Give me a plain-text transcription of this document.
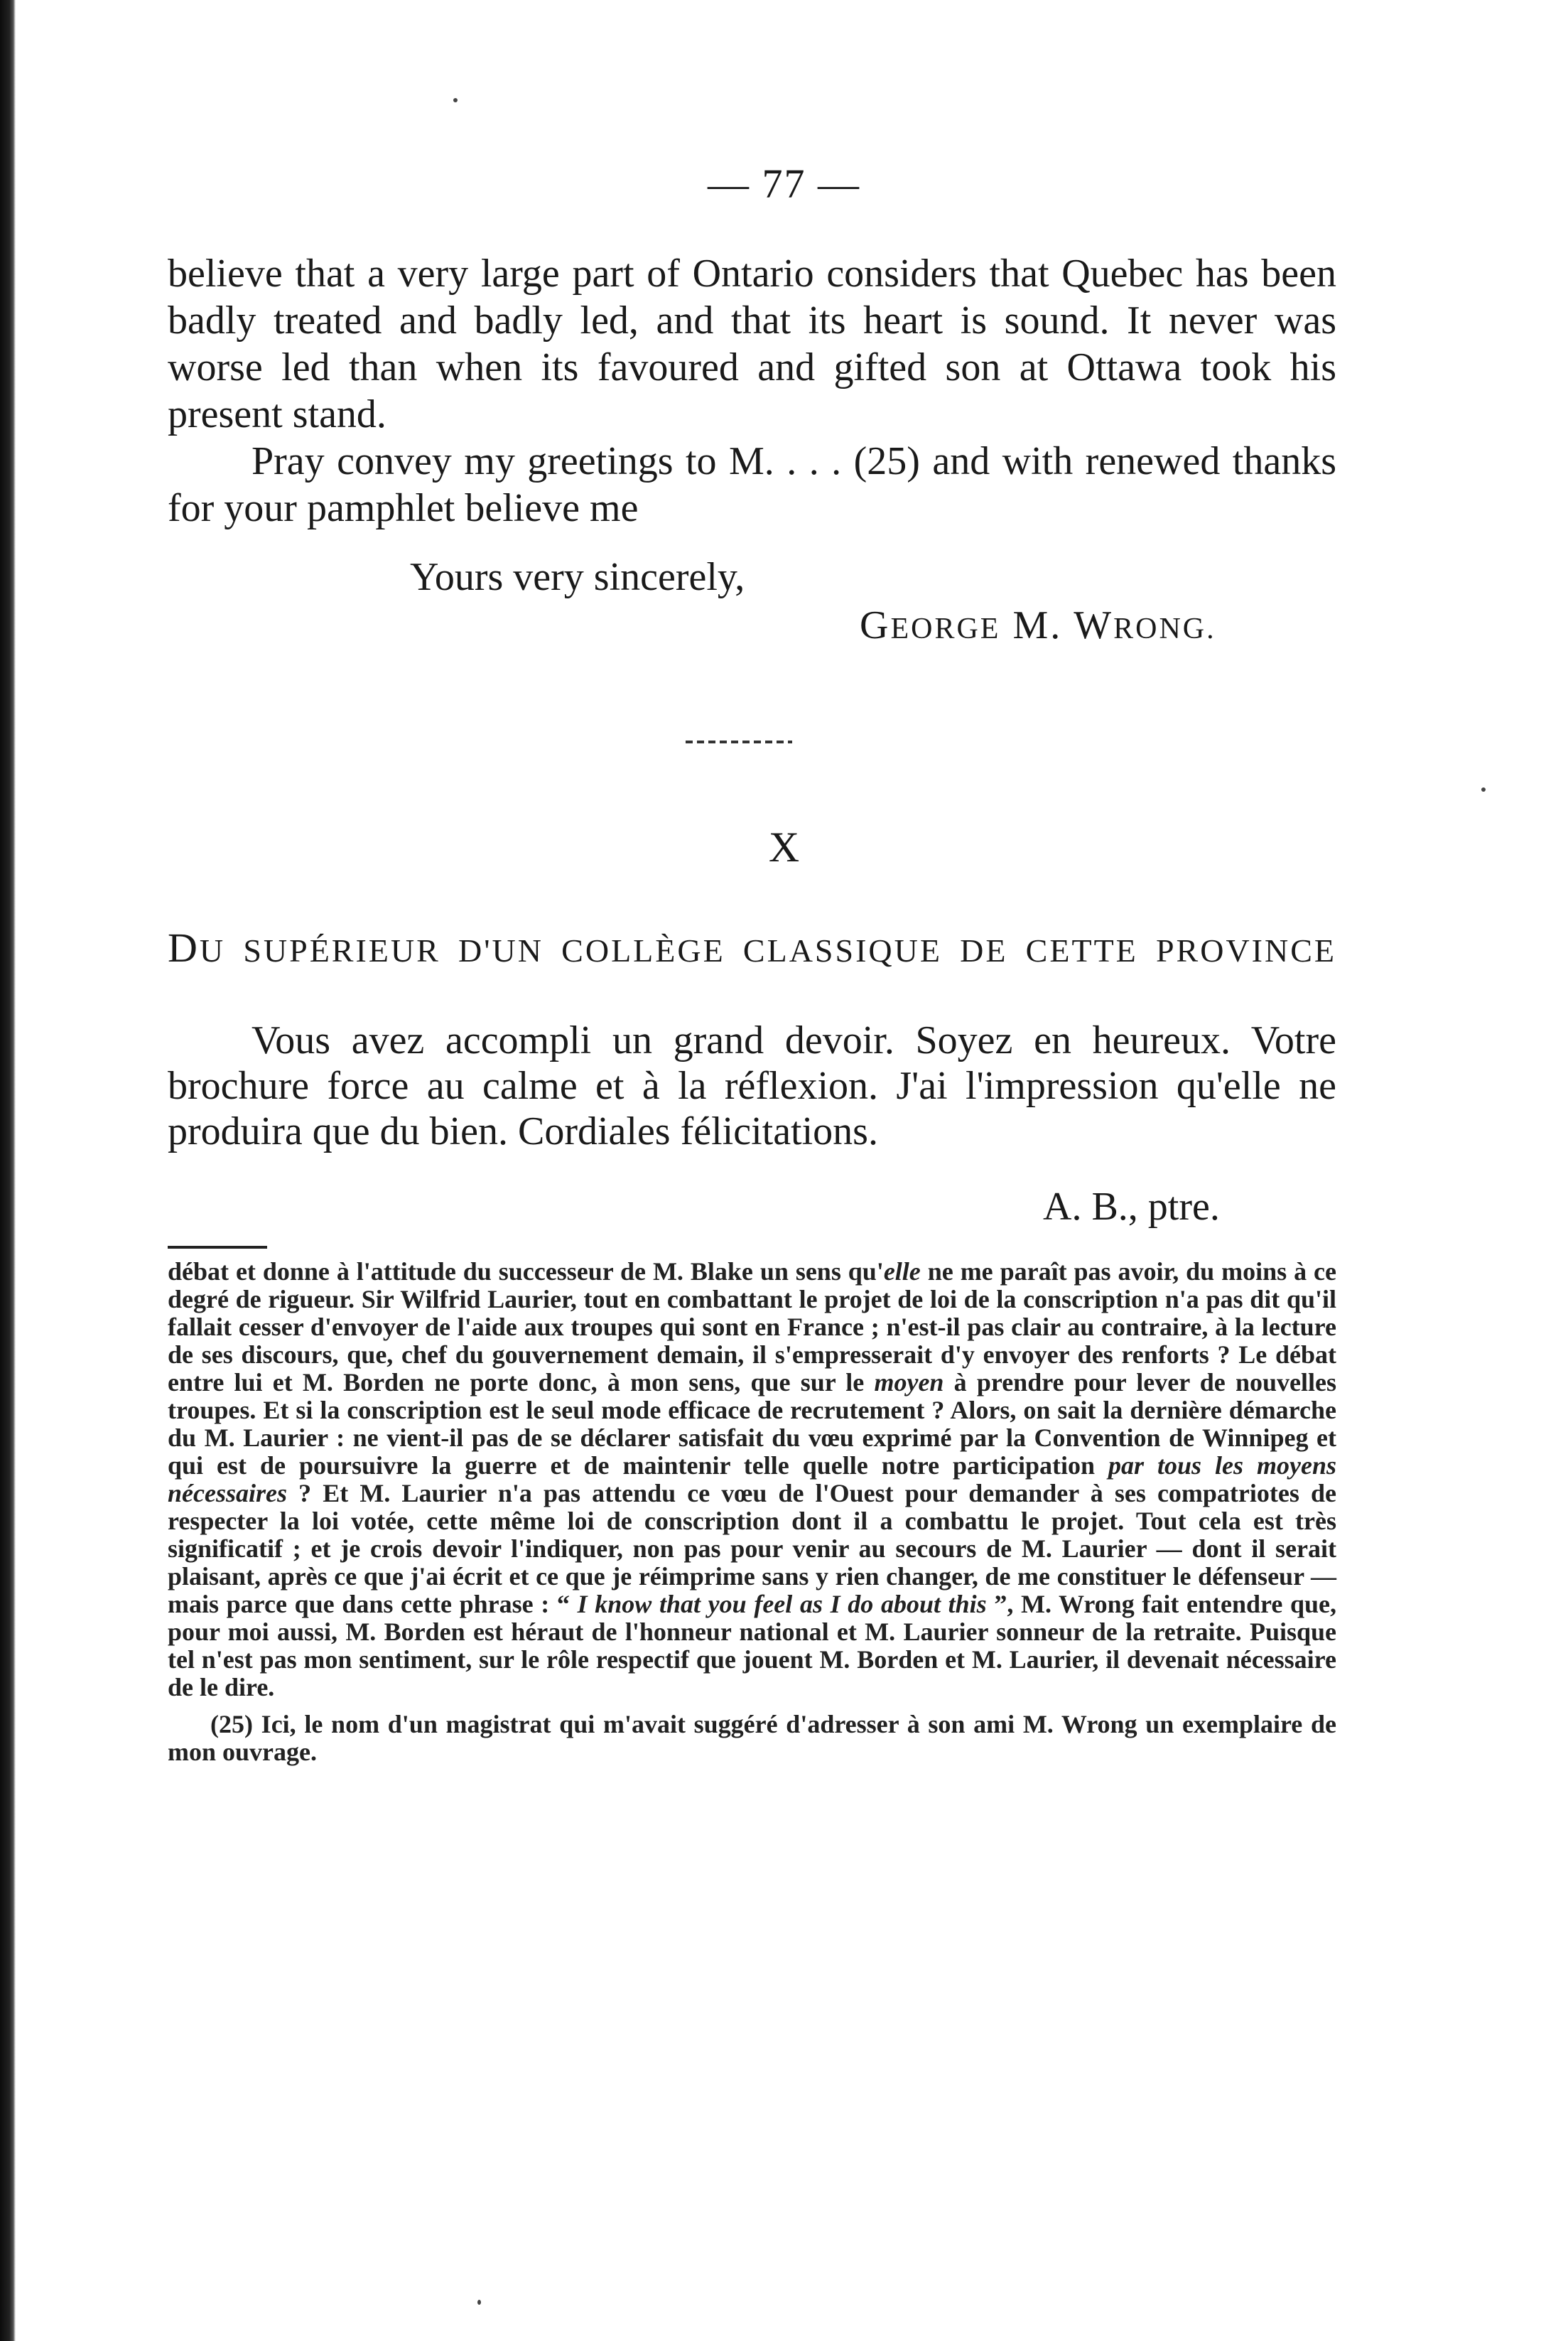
— 77 —

believe that a very large part of Ontario considers that Quebec has been badly treated and badly led, and that its heart is sound. It never was worse led than when its favoured and gifted son at Ottawa took his present stand.

Pray convey my greetings to M. . . . (25) and with renewed thanks for your pamphlet believe me

Yours very sincerely,
GEORGE M. WRONG.
X
DU SUPÉRIEUR D'UN COLLÈGE CLASSIQUE DE CETTE PROVINCE
Vous avez accompli un grand devoir. Soyez en heureux. Votre brochure force au calme et à la réflexion. J'ai l'impression qu'elle ne produira que du bien. Cordiales félicitations.
A. B., ptre.

débat et donne à l'attitude du successeur de M. Blake un sens qu'elle ne me paraît pas avoir, du moins à ce degré de rigueur. Sir Wilfrid Laurier, tout en combattant le projet de loi de la conscription n'a pas dit qu'il fallait cesser d'envoyer de l'aide aux troupes qui sont en France ; n'est-il pas clair au contraire, à la lecture de ses discours, que, chef du gouvernement demain, il s'empresserait d'y envoyer des renforts ? Le débat entre lui et M. Borden ne porte donc, à mon sens, que sur le moyen à prendre pour lever de nouvelles troupes. Et si la conscription est le seul mode efficace de recrutement ? Alors, on sait la dernière démarche du M. Laurier : ne vient-il pas de se déclarer satisfait du vœu exprimé par la Convention de Winnipeg et qui est de poursuivre la guerre et de maintenir telle quelle notre participation par tous les moyens nécessaires ? Et M. Laurier n'a pas attendu ce vœu de l'Ouest pour demander à ses compatriotes de respecter la loi votée, cette même loi de conscription dont il a combattu le projet. Tout cela est très significatif ; et je crois devoir l'indiquer, non pas pour venir au secours de M. Laurier — dont il serait plaisant, après ce que j'ai écrit et ce que je réimprime sans y rien changer, de me constituer le défenseur — mais parce que dans cette phrase : “ I know that you feel as I do about this ”, M. Wrong fait entendre que, pour moi aussi, M. Borden est héraut de l'honneur national et M. Laurier sonneur de la retraite. Puisque tel n'est pas mon sentiment, sur le rôle respectif que jouent M. Borden et M. Laurier, il devenait nécessaire de le dire.

(25) Ici, le nom d'un magistrat qui m'avait suggéré d'adresser à son ami M. Wrong un exemplaire de mon ouvrage.
